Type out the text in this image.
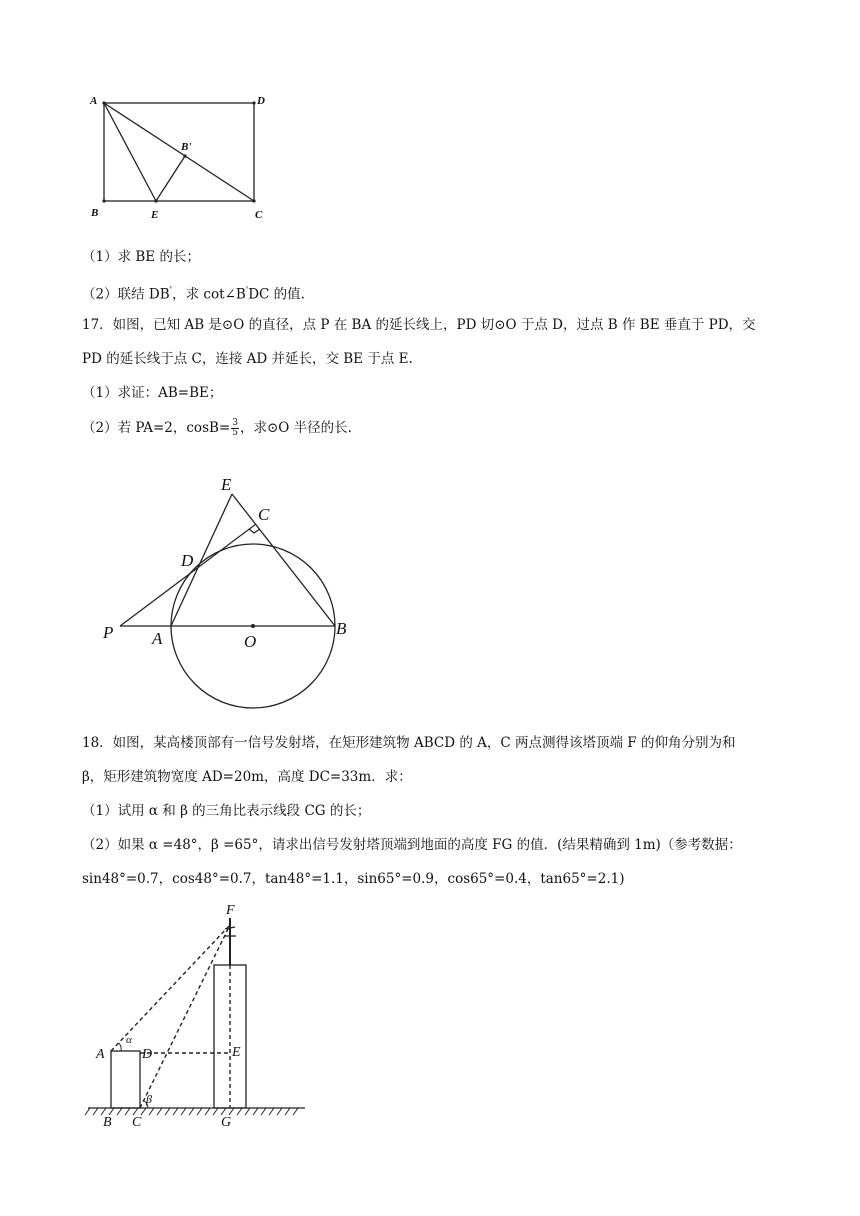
A	D
B'
B	E	C
（1）求 BE 的长；
（2）联结 DB'，求 cot∠B'DC 的值.
17．如图，已知 AB 是⊙O 的直径，点 P 在 BA 的延长线上，PD 切⊙O 于点 D，过点 B 作 BE 垂直于 PD，交
PD 的延长线于点 C，连接 AD 并延长，交 BE 于点 E.
（1）求证：AB=BE；
（2）若 PA=2，$\cos B= \frac{3}{5}$ ，求⊙O 半径的长.
E
C
D
P A	O
B
18．如图，某高楼顶部有一信号发射塔，在矩形建筑物 ABCD 的 A，C 两点测得该塔顶端 F 的仰角分别为和
β，矩形建筑物宽度 AD=20m，高度 DC=33m．求：
（1）试用 α 和 β 的三角比表示线段 CG 的长；
（2）如果 α =48°，β =65°，请求出信号发射塔顶端到地面的高度 FG 的值．(结果精确到 1m)（参考数据：
sin48°=0.7，cos48°=0.7，tan48°=1.1，sin65°=0.9，cos65°=0.4，tan65°=2.1)
F
A
α
D	E
β
B C	G
